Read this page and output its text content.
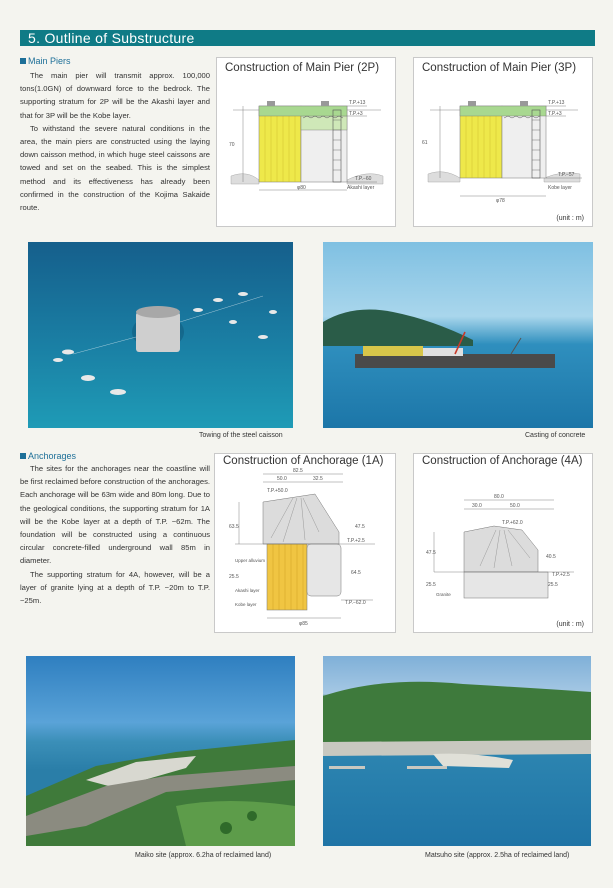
5. Outline of Substructure
Main Piers

The main pier will transmit approx. 100,000 tons(1.0GN) of downward force to the bedrock. The supporting stratum for 2P will be the Akashi layer and that for 3P will be the Kobe layer.

To withstand the severe natural conditions in the area, the main piers are constructed using the laying down caisson method, in which huge steel caissons are towed and set on the seabed. This is the simplest method and its effectiveness has already been confirmed in the construction of the Kojima Sakaide route.

Construction of Main Pier (2P)
70
T.P.+13
T.P.+3
T.P.−60
φ80	Akashi layer
Construction of Main Pier (3P)
61
T.P.+13
T.P.+3
T.P.−57
Kobe layer
φ78
(unit : m)
Towing of the steel caisson	Casting of concrete
Anchorages

The sites for the anchorages near the coastline will be first reclaimed before construction of the anchorages. Each anchorage will be 63m wide and 80m long. Due to the geological conditions, the supporting stratum for 1A will be the Kobe layer at a depth of T.P. −62m. The foundation will be constructed using a continuous circular concrete-filled underground wall 85m in diameter.

The supporting stratum for 4A, however, will be a layer of granite lying at a depth of T.P. −20m to T.P. −25m.

Construction of Anchorage (1A)
82.5
50.0	32.5
T.P.+50.0
T.P.+2.5
T.P.−62.0
63.5	47.5
25.5
64.5
Upper alluvium
Akashi layer
Kobe layer
φ85
Construction of Anchorage (4A)
80.0
30.0	50.0
T.P.+62.0
T.P.+2.5
47.5
40.5
25.5	25.5
Granite
(unit : m)
Maiko site (approx. 6.2ha of reclaimed land)	Matsuho site (approx. 2.5ha of reclaimed land)
